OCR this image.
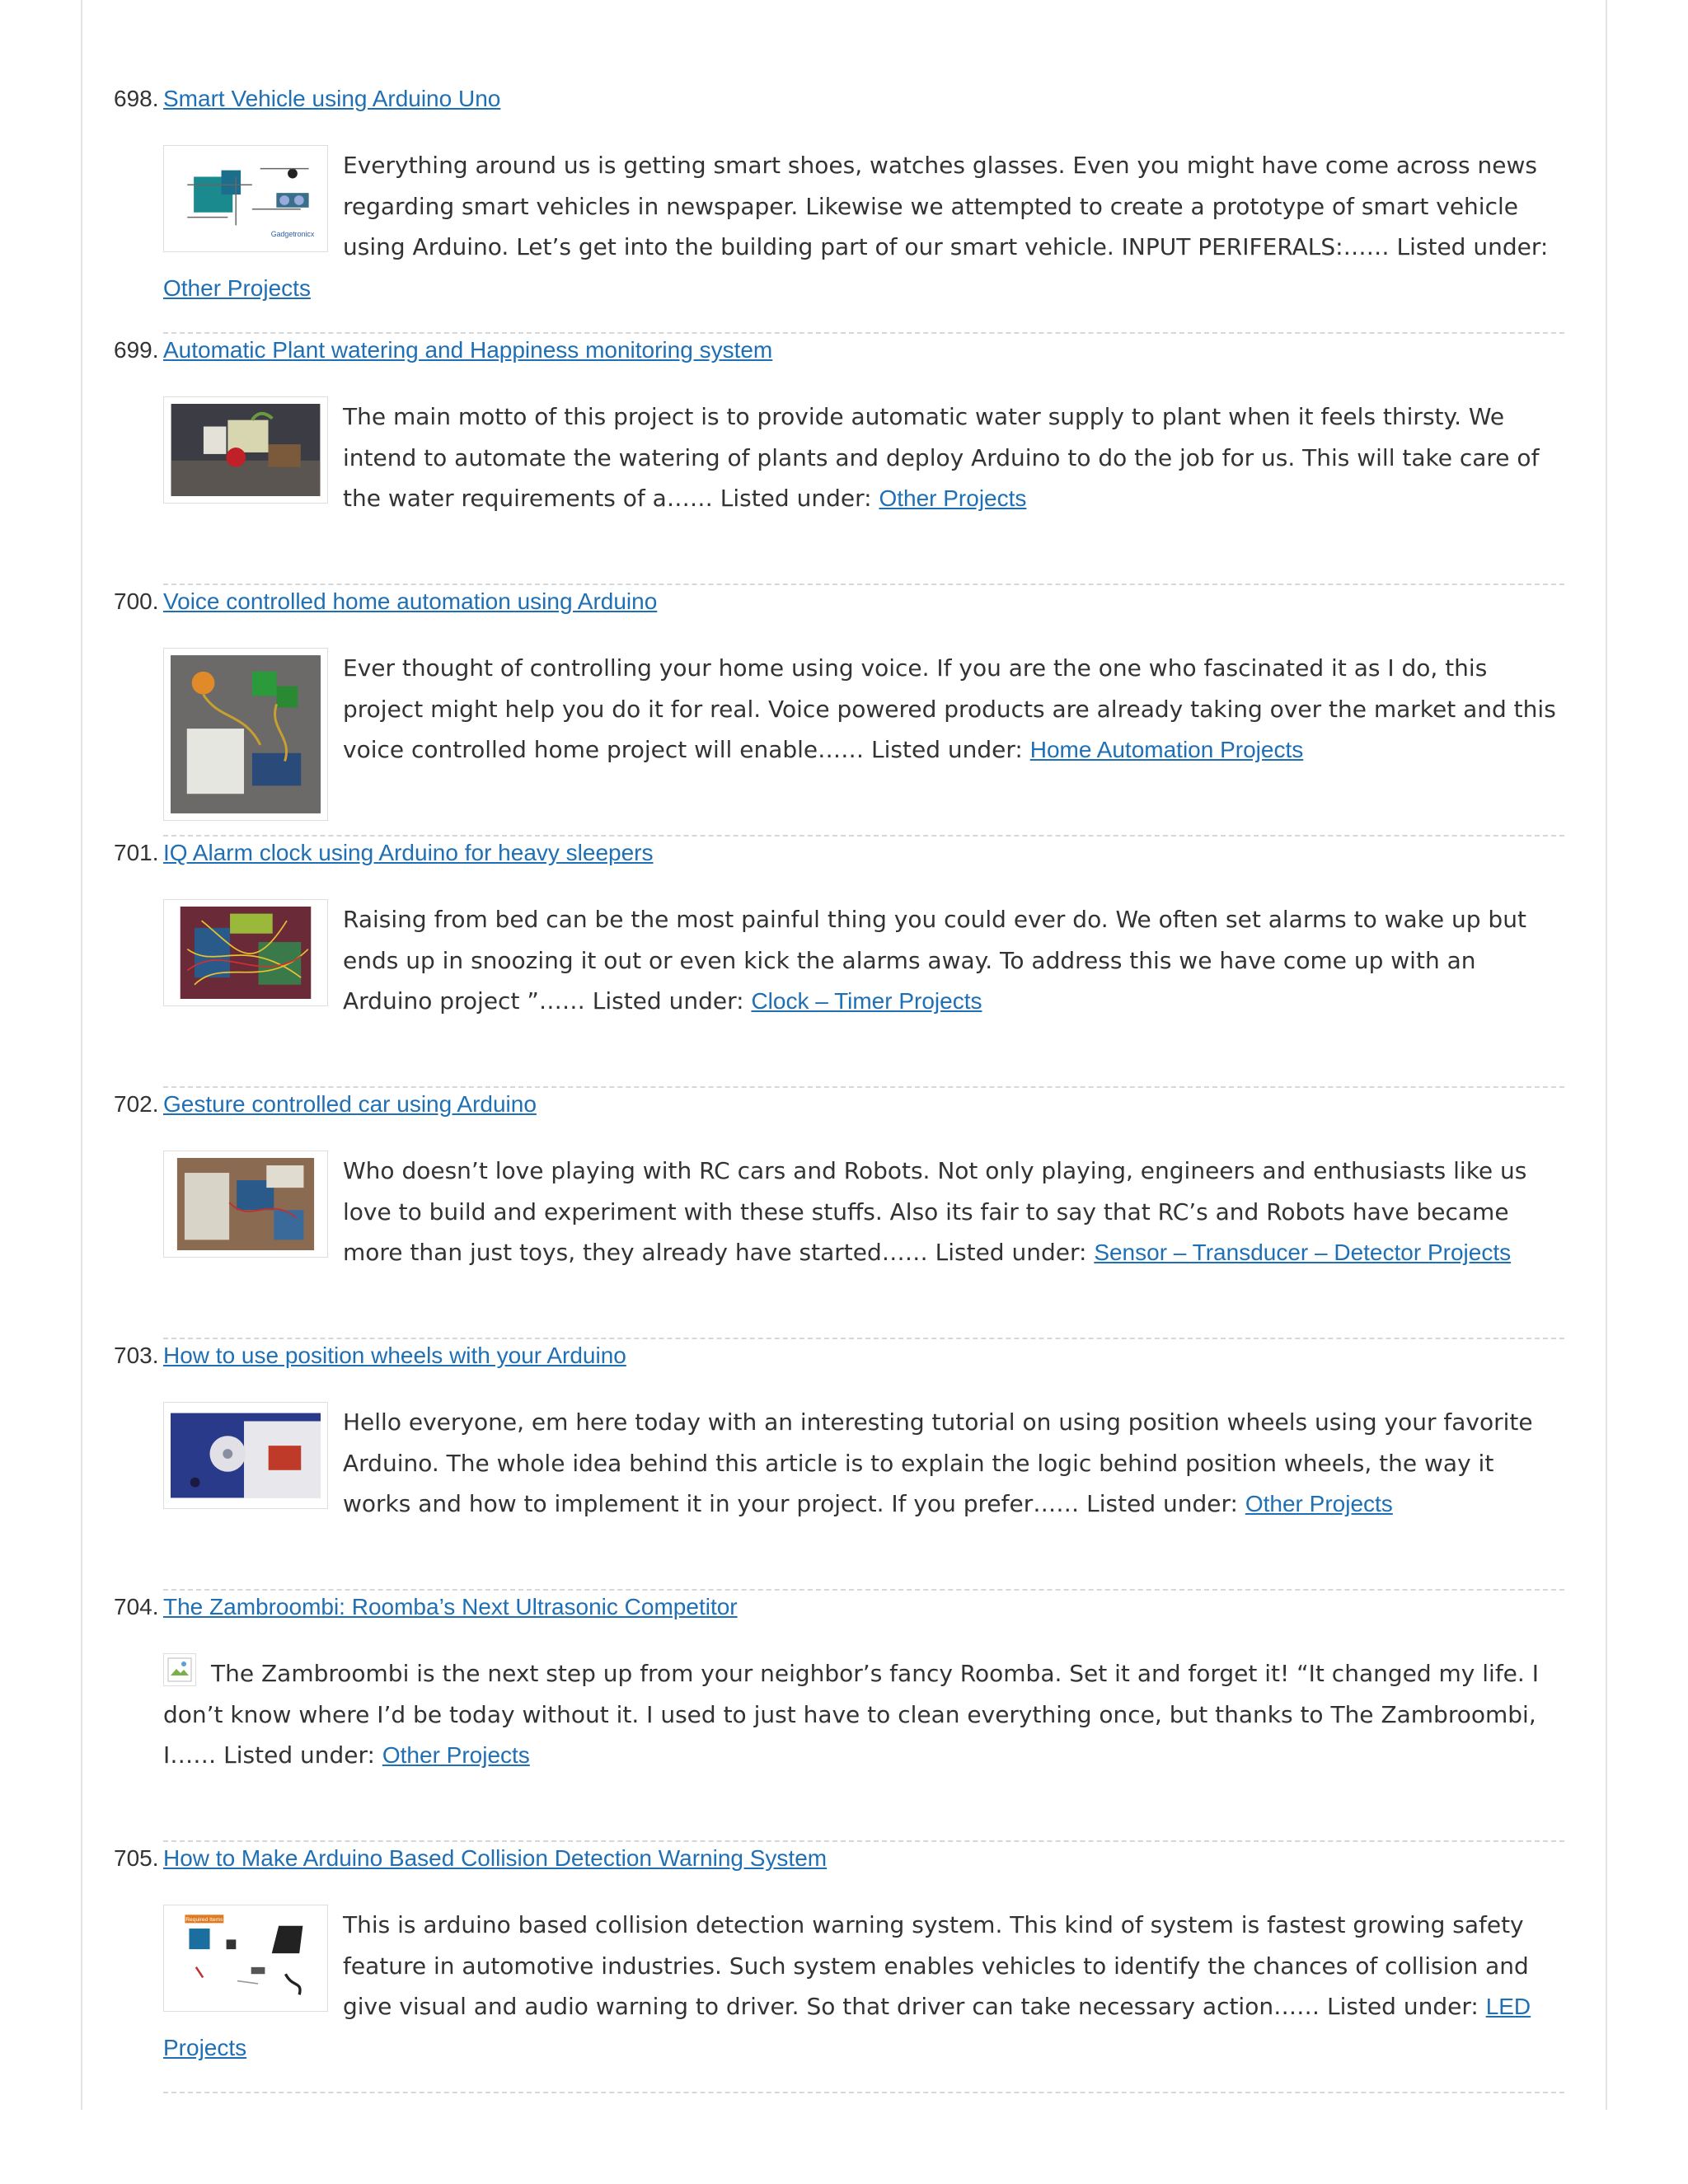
698. Smart Vehicle using Arduino Uno
Gadgetronicx

Everything around us is getting smart shoes, watches glasses. Even you might have come across news regarding smart vehicles in newspaper. Likewise we attempted to create a prototype of smart vehicle using Arduino. Let’s get into the building part of our smart vehicle. INPUT PERIFERALS:…… Listed under: Other Projects

699. Automatic Plant watering and Happiness monitoring system

The main motto of this project is to provide automatic water supply to plant when it feels thirsty. We intend to automate the watering of plants and deploy Arduino to do the job for us. This will take care of the water requirements of a…… Listed under: Other Projects

700. Voice controlled home automation using Arduino

Ever thought of controlling your home using voice. If you are the one who fascinated it as I do, this project might help you do it for real. Voice powered products are already taking over the market and this voice controlled home project will enable…… Listed under: Home Automation Projects

701. IQ Alarm clock using Arduino for heavy sleepers

Raising from bed can be the most painful thing you could ever do. We often set alarms to wake up but ends up in snoozing it out or even kick the alarms away. To address this we have come up with an Arduino project ”…… Listed under: Clock – Timer Projects

702. Gesture controlled car using Arduino

Who doesn’t love playing with RC cars and Robots. Not only playing, engineers and enthusiasts like us love to build and experiment with these stuffs. Also its fair to say that RC’s and Robots have became more than just toys, they already have started…… Listed under: Sensor – Transducer – Detector Projects

703. How to use position wheels with your Arduino

Hello everyone, em here today with an interesting tutorial on using position wheels using your favorite Arduino. The whole idea behind this article is to explain the logic behind position wheels, the way it works and how to implement it in your project. If you prefer…… Listed under: Other Projects

704. The Zambroombi: Roomba’s Next Ultrasonic Competitor

The Zambroombi is the next step up from your neighbor’s fancy Roomba. Set it and forget it! “It changed my life. I don’t know where I’d be today without it. I used to just have to clean everything once, but thanks to The Zambroombi, I…… Listed under: Other Projects

705. How to Make Arduino Based Collision Detection Warning System
Required Items	This is arduino based collision detection warning system. This kind of system is fastest growing safety feature in automotive industries. Such system enables vehicles to identify the chances of collision and give visual and audio warning to driver. So that driver can take necessary action…… Listed under: LED Projects
